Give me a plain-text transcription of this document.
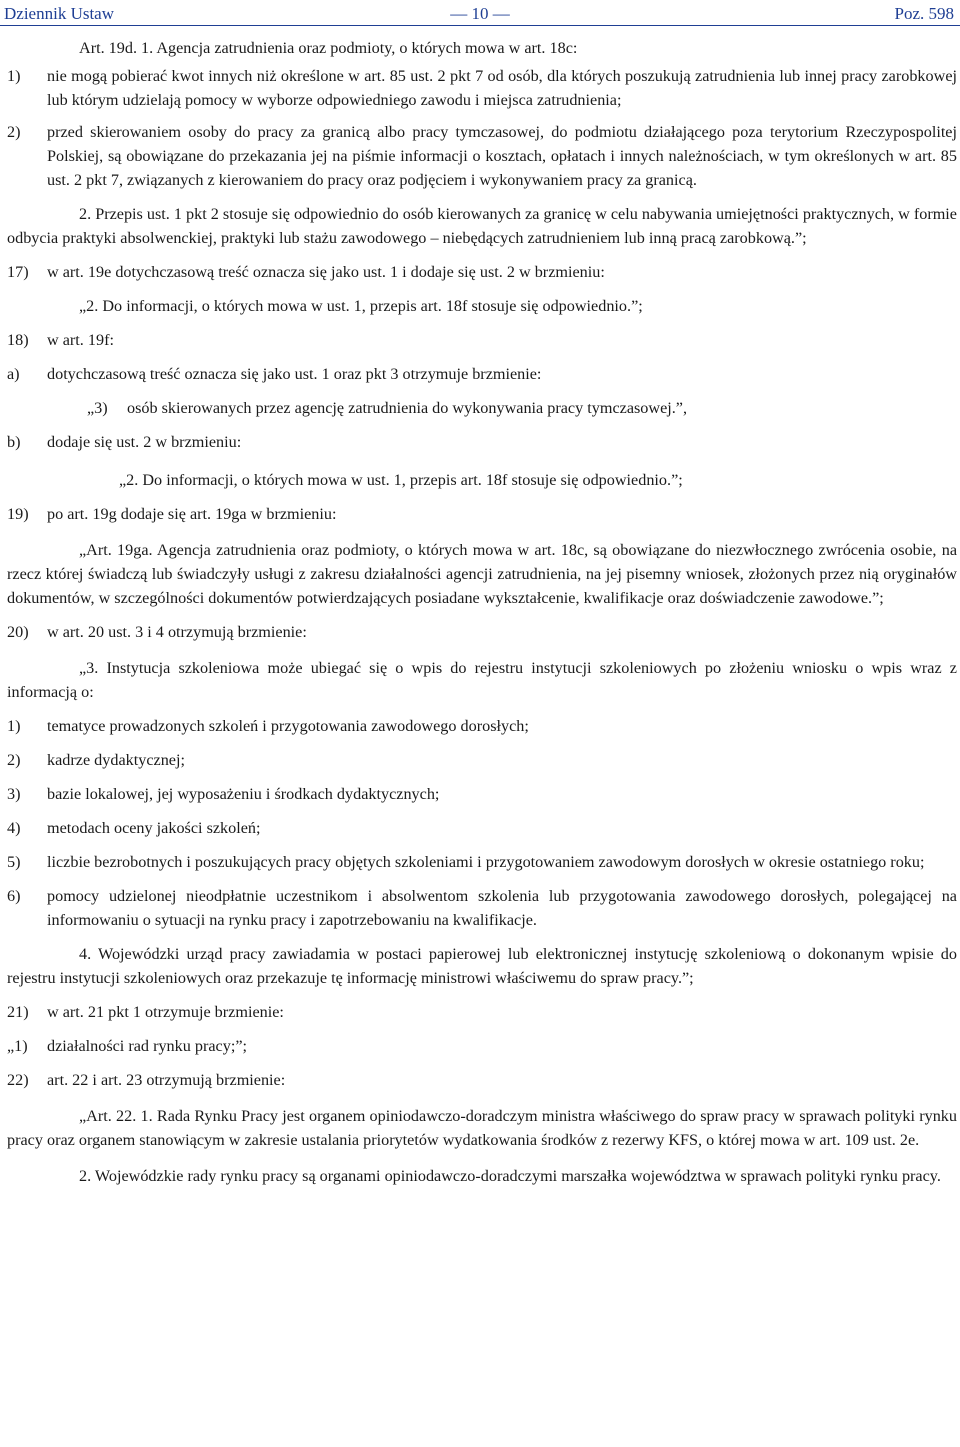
Dziennik Ustaw	— 10 —	Poz. 598

Art. 19d. 1. Agencja zatrudnienia oraz podmioty, o których mowa w art. 18c:

1)	nie mogą pobierać kwot innych niż określone w art. 85 ust. 2 pkt 7 od osób, dla których poszukują zatrudnienia lub innej pracy zarobkowej lub którym udzielają pomocy w wyborze odpowiedniego zawodu i miejsca zatrudnienia;
2)	przed skierowaniem osoby do pracy za granicą albo pracy tymczasowej, do podmiotu działającego poza terytorium Rzeczypospolitej Polskiej, są obowiązane do przekazania jej na piśmie informacji o kosztach, opłatach i innych należnościach, w tym określonych w art. 85 ust. 2 pkt 7, związanych z kierowaniem do pracy oraz podjęciem i wykonywaniem pracy za granicą.

2. Przepis ust. 1 pkt 2 stosuje się odpowiednio do osób kierowanych za granicę w celu nabywania umiejętności praktycznych, w formie odbycia praktyki absolwenckiej, praktyki lub stażu zawodowego – niebędących zatrudnieniem lub inną pracą zarobkową.”;

17)	w art. 19e dotychczasową treść oznacza się jako ust. 1 i dodaje się ust. 2 w brzmieniu:

„2. Do informacji, o których mowa w ust. 1, przepis art. 18f stosuje się odpowiednio.”;

18)	w art. 19f:
a)	dotychczasową treść oznacza się jako ust. 1 oraz pkt 3 otrzymuje brzmienie:
„3)	osób skierowanych przez agencję zatrudnienia do wykonywania pracy tymczasowej.”,
b)	dodaje się ust. 2 w brzmieniu:

„2. Do informacji, o których mowa w ust. 1, przepis art. 18f stosuje się odpowiednio.”;

19)	po art. 19g dodaje się art. 19ga w brzmieniu:

„Art. 19ga. Agencja zatrudnienia oraz podmioty, o których mowa w art. 18c, są obowiązane do niezwłocznego zwrócenia osobie, na rzecz której świadczą lub świadczyły usługi z zakresu działalności agencji zatrudnienia, na jej pisemny wniosek, złożonych przez nią oryginałów dokumentów, w szczególności dokumentów potwierdzających posiadane wykształcenie, kwalifikacje oraz doświadczenie zawodowe.”;

20)	w art. 20 ust. 3 i 4 otrzymują brzmienie:

„3. Instytucja szkoleniowa może ubiegać się o wpis do rejestru instytucji szkoleniowych po złożeniu wniosku o wpis wraz z informacją o:

1)	tematyce prowadzonych szkoleń i przygotowania zawodowego dorosłych;
2)	kadrze dydaktycznej;
3)	bazie lokalowej, jej wyposażeniu i środkach dydaktycznych;
4)	metodach oceny jakości szkoleń;
5)	liczbie bezrobotnych i poszukujących pracy objętych szkoleniami i przygotowaniem zawodowym dorosłych w okresie ostatniego roku;
6)	pomocy udzielonej nieodpłatnie uczestnikom i absolwentom szkolenia lub przygotowania zawodowego dorosłych, polegającej na informowaniu o sytuacji na rynku pracy i zapotrzebowaniu na kwalifikacje.

4. Wojewódzki urząd pracy zawiadamia w postaci papierowej lub elektronicznej instytucję szkoleniową o dokonanym wpisie do rejestru instytucji szkoleniowych oraz przekazuje tę informację ministrowi właściwemu do spraw pracy.”;

21)	w art. 21 pkt 1 otrzymuje brzmienie:
„1)	działalności rad rynku pracy;”;
22)	art. 22 i art. 23 otrzymują brzmienie:

„Art. 22. 1. Rada Rynku Pracy jest organem opiniodawczo-doradczym ministra właściwego do spraw pracy w sprawach polityki rynku pracy oraz organem stanowiącym w zakresie ustalania priorytetów wydatkowania środków z rezerwy KFS, o której mowa w art. 109 ust. 2e.

2. Wojewódzkie rady rynku pracy są organami opiniodawczo-doradczymi marszałka województwa w sprawach polityki rynku pracy.
